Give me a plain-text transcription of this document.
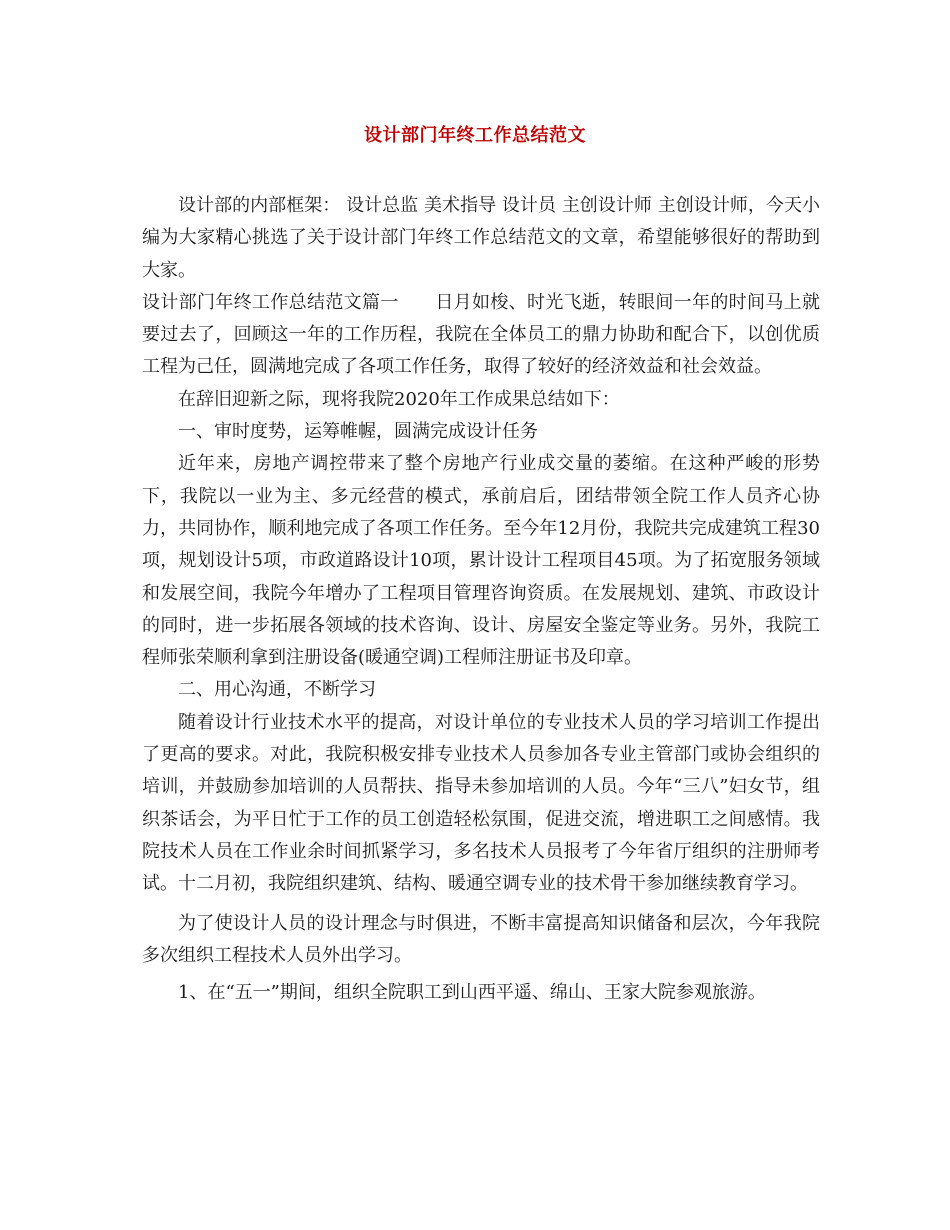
设计部门年终工作总结范文

设计部的内部框架： 设计总监 美术指导 设计员 主创设计师 主创设计师，今天小编为大家精心挑选了关于设计部门年终工作总结范文的文章，希望能够很好的帮助到大家。

设计部门年终工作总结范文篇一　　日月如梭、时光飞逝，转眼间一年的时间马上就要过去了，回顾这一年的工作历程，我院在全体员工的鼎力协助和配合下，以创优质工程为己任，圆满地完成了各项工作任务，取得了较好的经济效益和社会效益。

在辞旧迎新之际，现将我院2020年工作成果总结如下：

一、审时度势，运筹帷幄，圆满完成设计任务

近年来，房地产调控带来了整个房地产行业成交量的萎缩。在这种严峻的形势下，我院以一业为主、多元经营的模式，承前启后，团结带领全院工作人员齐心协力，共同协作，顺利地完成了各项工作任务。至今年12月份，我院共完成建筑工程30项，规划设计5项，市政道路设计10项，累计设计工程项目45项。为了拓宽服务领域和发展空间，我院今年增办了工程项目管理咨询资质。在发展规划、建筑、市政设计的同时，进一步拓展各领域的技术咨询、设计、房屋安全鉴定等业务。另外，我院工程师张荣顺利拿到注册设备(暖通空调)工程师注册证书及印章。

二、用心沟通，不断学习

随着设计行业技术水平的提高，对设计单位的专业技术人员的学习培训工作提出了更高的要求。对此，我院积极安排专业技术人员参加各专业主管部门或协会组织的培训，并鼓励参加培训的人员帮扶、指导未参加培训的人员。今年“三八”妇女节，组织茶话会，为平日忙于工作的员工创造轻松氛围，促进交流，增进职工之间感情。我院技术人员在工作业余时间抓紧学习，多名技术人员报考了今年省厅组织的注册师考试。十二月初，我院组织建筑、结构、暖通空调专业的技术骨干参加继续教育学习。

为了使设计人员的设计理念与时俱进，不断丰富提高知识储备和层次，今年我院多次组织工程技术人员外出学习。

1、在“五一”期间，组织全院职工到山西平遥、绵山、王家大院参观旅游。
